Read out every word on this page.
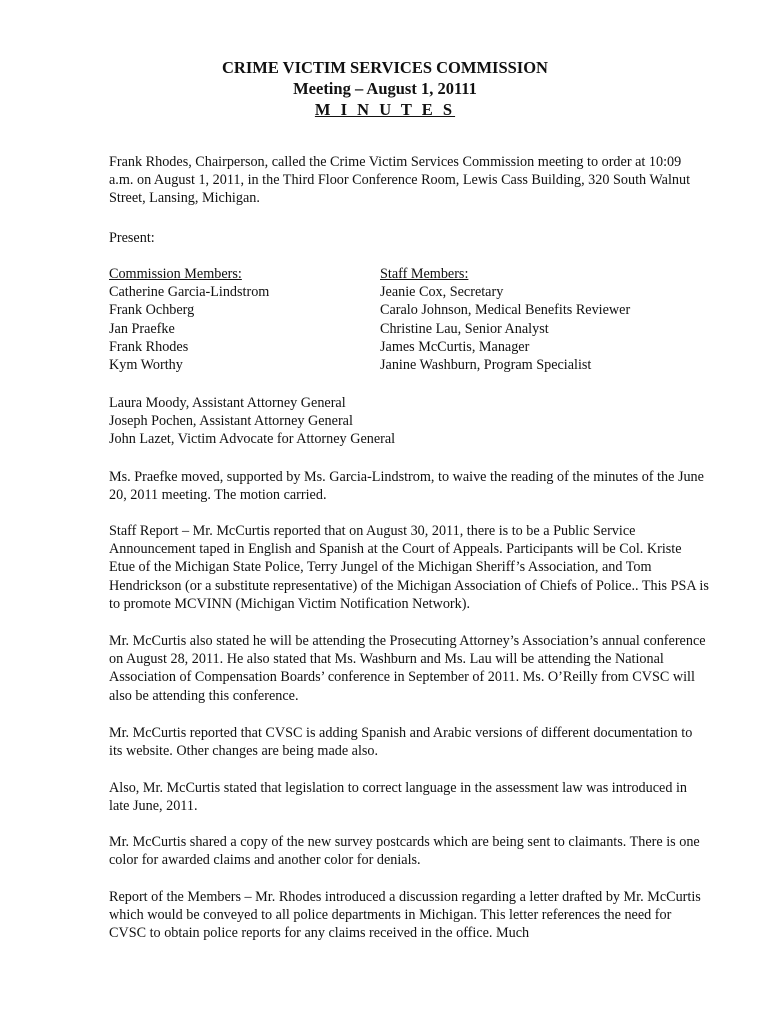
CRIME VICTIM SERVICES COMMISSION
Meeting – August 1, 20111
M I N U T E S

Frank Rhodes, Chairperson, called the Crime Victim Services Commission meeting to order at 10:09 a.m. on August 1, 2011, in the Third Floor Conference Room, Lewis Cass Building, 320 South Walnut Street, Lansing, Michigan.

Present:

Commission Members:
Catherine Garcia-Lindstrom
Frank Ochberg
Jan Praefke
Frank Rhodes
Kym Worthy
Staff Members:
Jeanie Cox, Secretary
Caralo Johnson, Medical Benefits Reviewer
Christine Lau, Senior Analyst
James McCurtis, Manager
Janine Washburn, Program Specialist

Laura Moody, Assistant Attorney General

Joseph Pochen, Assistant Attorney General

John Lazet, Victim Advocate for Attorney General

Ms. Praefke moved, supported by Ms. Garcia-Lindstrom, to waive the reading of the minutes of the June 20, 2011 meeting. The motion carried.

Staff Report – Mr. McCurtis reported that on August 30, 2011, there is to be a Public Service Announcement taped in English and Spanish at the Court of Appeals. Participants will be Col. Kriste Etue of the Michigan State Police, Terry Jungel of the Michigan Sheriff’s Association, and Tom Hendrickson (or a substitute representative) of the Michigan Association of Chiefs of Police.. This PSA is to promote MCVINN (Michigan Victim Notification Network).

Mr. McCurtis also stated he will be attending the Prosecuting Attorney’s Association’s annual conference on August 28, 2011. He also stated that Ms. Washburn and Ms. Lau will be attending the National Association of Compensation Boards’ conference in September of 2011. Ms. O’Reilly from CVSC will also be attending this conference.

Mr. McCurtis reported that CVSC is adding Spanish and Arabic versions of different documentation to its website. Other changes are being made also.

Also, Mr. McCurtis stated that legislation to correct language in the assessment law was introduced in late June, 2011.

Mr. McCurtis shared a copy of the new survey postcards which are being sent to claimants. There is one color for awarded claims and another color for denials.

Report of the Members – Mr. Rhodes introduced a discussion regarding a letter drafted by Mr. McCurtis which would be conveyed to all police departments in Michigan. This letter references the need for CVSC to obtain police reports for any claims received in the office. Much
